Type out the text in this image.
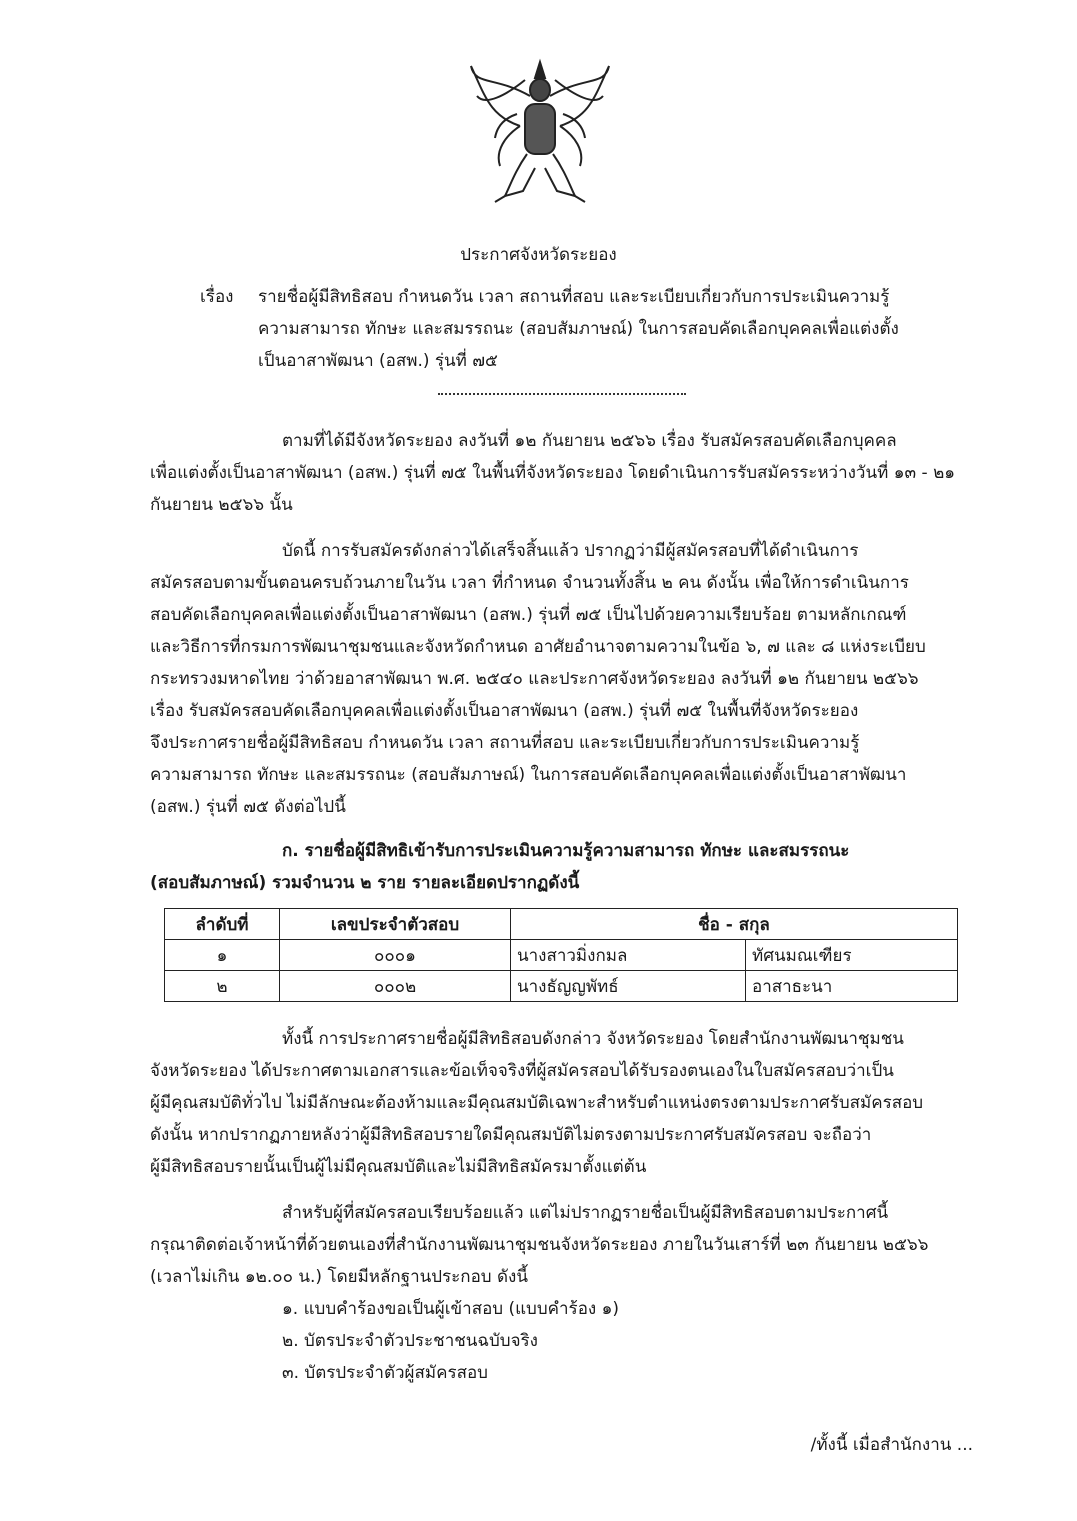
ประกาศจังหวัดระยอง
เรื่อง รายชื่อผู้มีสิทธิสอบ กำหนดวัน เวลา สถานที่สอบ และระเบียบเกี่ยวกับการประเมินความรู้
ความสามารถ ทักษะ และสมรรถนะ (สอบสัมภาษณ์) ในการสอบคัดเลือกบุคคลเพื่อแต่งตั้ง
เป็นอาสาพัฒนา (อสพ.) รุ่นที่ ๗๕
ตามที่ได้มีจังหวัดระยอง ลงวันที่ ๑๒ กันยายน ๒๕๖๖ เรื่อง รับสมัครสอบคัดเลือกบุคคล
เพื่อแต่งตั้งเป็นอาสาพัฒนา (อสพ.) รุ่นที่ ๗๕ ในพื้นที่จังหวัดระยอง โดยดำเนินการรับสมัครระหว่างวันที่ ๑๓ - ๒๑
กันยายน ๒๕๖๖ นั้น
บัดนี้ การรับสมัครดังกล่าวได้เสร็จสิ้นแล้ว ปรากฏว่ามีผู้สมัครสอบที่ได้ดำเนินการ
สมัครสอบตามขั้นตอนครบถ้วนภายในวัน เวลา ที่กำหนด จำนวนทั้งสิ้น ๒ คน ดังนั้น เพื่อให้การดำเนินการ
สอบคัดเลือกบุคคลเพื่อแต่งตั้งเป็นอาสาพัฒนา (อสพ.) รุ่นที่ ๗๕ เป็นไปด้วยความเรียบร้อย ตามหลักเกณฑ์
และวิธีการที่กรมการพัฒนาชุมชนและจังหวัดกำหนด อาศัยอำนาจตามความในข้อ ๖, ๗ และ ๘ แห่งระเบียบ
กระทรวงมหาดไทย ว่าด้วยอาสาพัฒนา พ.ศ. ๒๕๔๐ และประกาศจังหวัดระยอง ลงวันที่ ๑๒ กันยายน ๒๕๖๖
เรื่อง รับสมัครสอบคัดเลือกบุคคลเพื่อแต่งตั้งเป็นอาสาพัฒนา (อสพ.) รุ่นที่ ๗๕ ในพื้นที่จังหวัดระยอง
จึงประกาศรายชื่อผู้มีสิทธิสอบ กำหนดวัน เวลา สถานที่สอบ และระเบียบเกี่ยวกับการประเมินความรู้
ความสามารถ ทักษะ และสมรรถนะ (สอบสัมภาษณ์) ในการสอบคัดเลือกบุคคลเพื่อแต่งตั้งเป็นอาสาพัฒนา
(อสพ.) รุ่นที่ ๗๕ ดังต่อไปนี้
ก. รายชื่อผู้มีสิทธิเข้ารับการประเมินความรู้ความสามารถ ทักษะ และสมรรถนะ
(สอบสัมภาษณ์) รวมจำนวน ๒ ราย รายละเอียดปรากฏดังนี้
ลำดับที่	เลขประจำตัวสอบ	ชื่อ - สกุล	
๑	๐๐๐๑	นางสาวมิ่งกมล	ทัศนมณเฑียร
๒	๐๐๐๒	นางธัญญพัทธ์	อาสาธะนา
ทั้งนี้ การประกาศรายชื่อผู้มีสิทธิสอบดังกล่าว จังหวัดระยอง โดยสำนักงานพัฒนาชุมชน
จังหวัดระยอง ได้ประกาศตามเอกสารและข้อเท็จจริงที่ผู้สมัครสอบได้รับรองตนเองในใบสมัครสอบว่าเป็น
ผู้มีคุณสมบัติทั่วไป ไม่มีลักษณะต้องห้ามและมีคุณสมบัติเฉพาะสำหรับตำแหน่งตรงตามประกาศรับสมัครสอบ
ดังนั้น หากปรากฏภายหลังว่าผู้มีสิทธิสอบรายใดมีคุณสมบัติไม่ตรงตามประกาศรับสมัครสอบ จะถือว่า
ผู้มีสิทธิสอบรายนั้นเป็นผู้ไม่มีคุณสมบัติและไม่มีสิทธิสมัครมาตั้งแต่ต้น
สำหรับผู้ที่สมัครสอบเรียบร้อยแล้ว แต่ไม่ปรากฏรายชื่อเป็นผู้มีสิทธิสอบตามประกาศนี้
กรุณาติดต่อเจ้าหน้าที่ด้วยตนเองที่สำนักงานพัฒนาชุมชนจังหวัดระยอง ภายในวันเสาร์ที่ ๒๓ กันยายน ๒๕๖๖
(เวลาไม่เกิน ๑๒.๐๐ น.) โดยมีหลักฐานประกอบ ดังนี้
๑. แบบคำร้องขอเป็นผู้เข้าสอบ (แบบคำร้อง ๑)
๒. บัตรประจำตัวประชาชนฉบับจริง
๓. บัตรประจำตัวผู้สมัครสอบ
/ทั้งนี้ เมื่อสำนักงาน ...
